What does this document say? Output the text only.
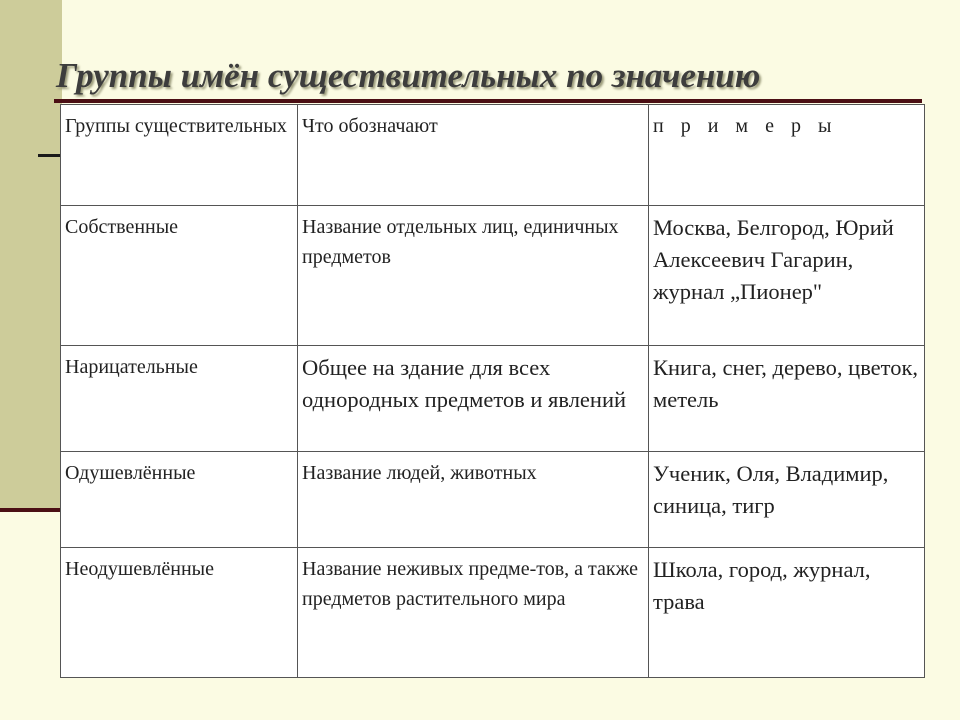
Группы имён существительных по значению
Группы существительных	Что обозначают	п р и м е р ы
Собственные	Название отдельных лиц, единичных предметов	Москва, Белгород, Юрий Алексеевич Гагарин, журнал „Пионер"
Нарицательные	Общее на здание для всех однородных предметов и явлений	Книга, снег, дерево, цветок, метель
Одушевлённые	Название людей, животных	Ученик, Оля, Владимир, синица, тигр
Неодушевлённые	Название неживых предме-тов, а также предметов растительного мира	Школа, город, журнал, трава
